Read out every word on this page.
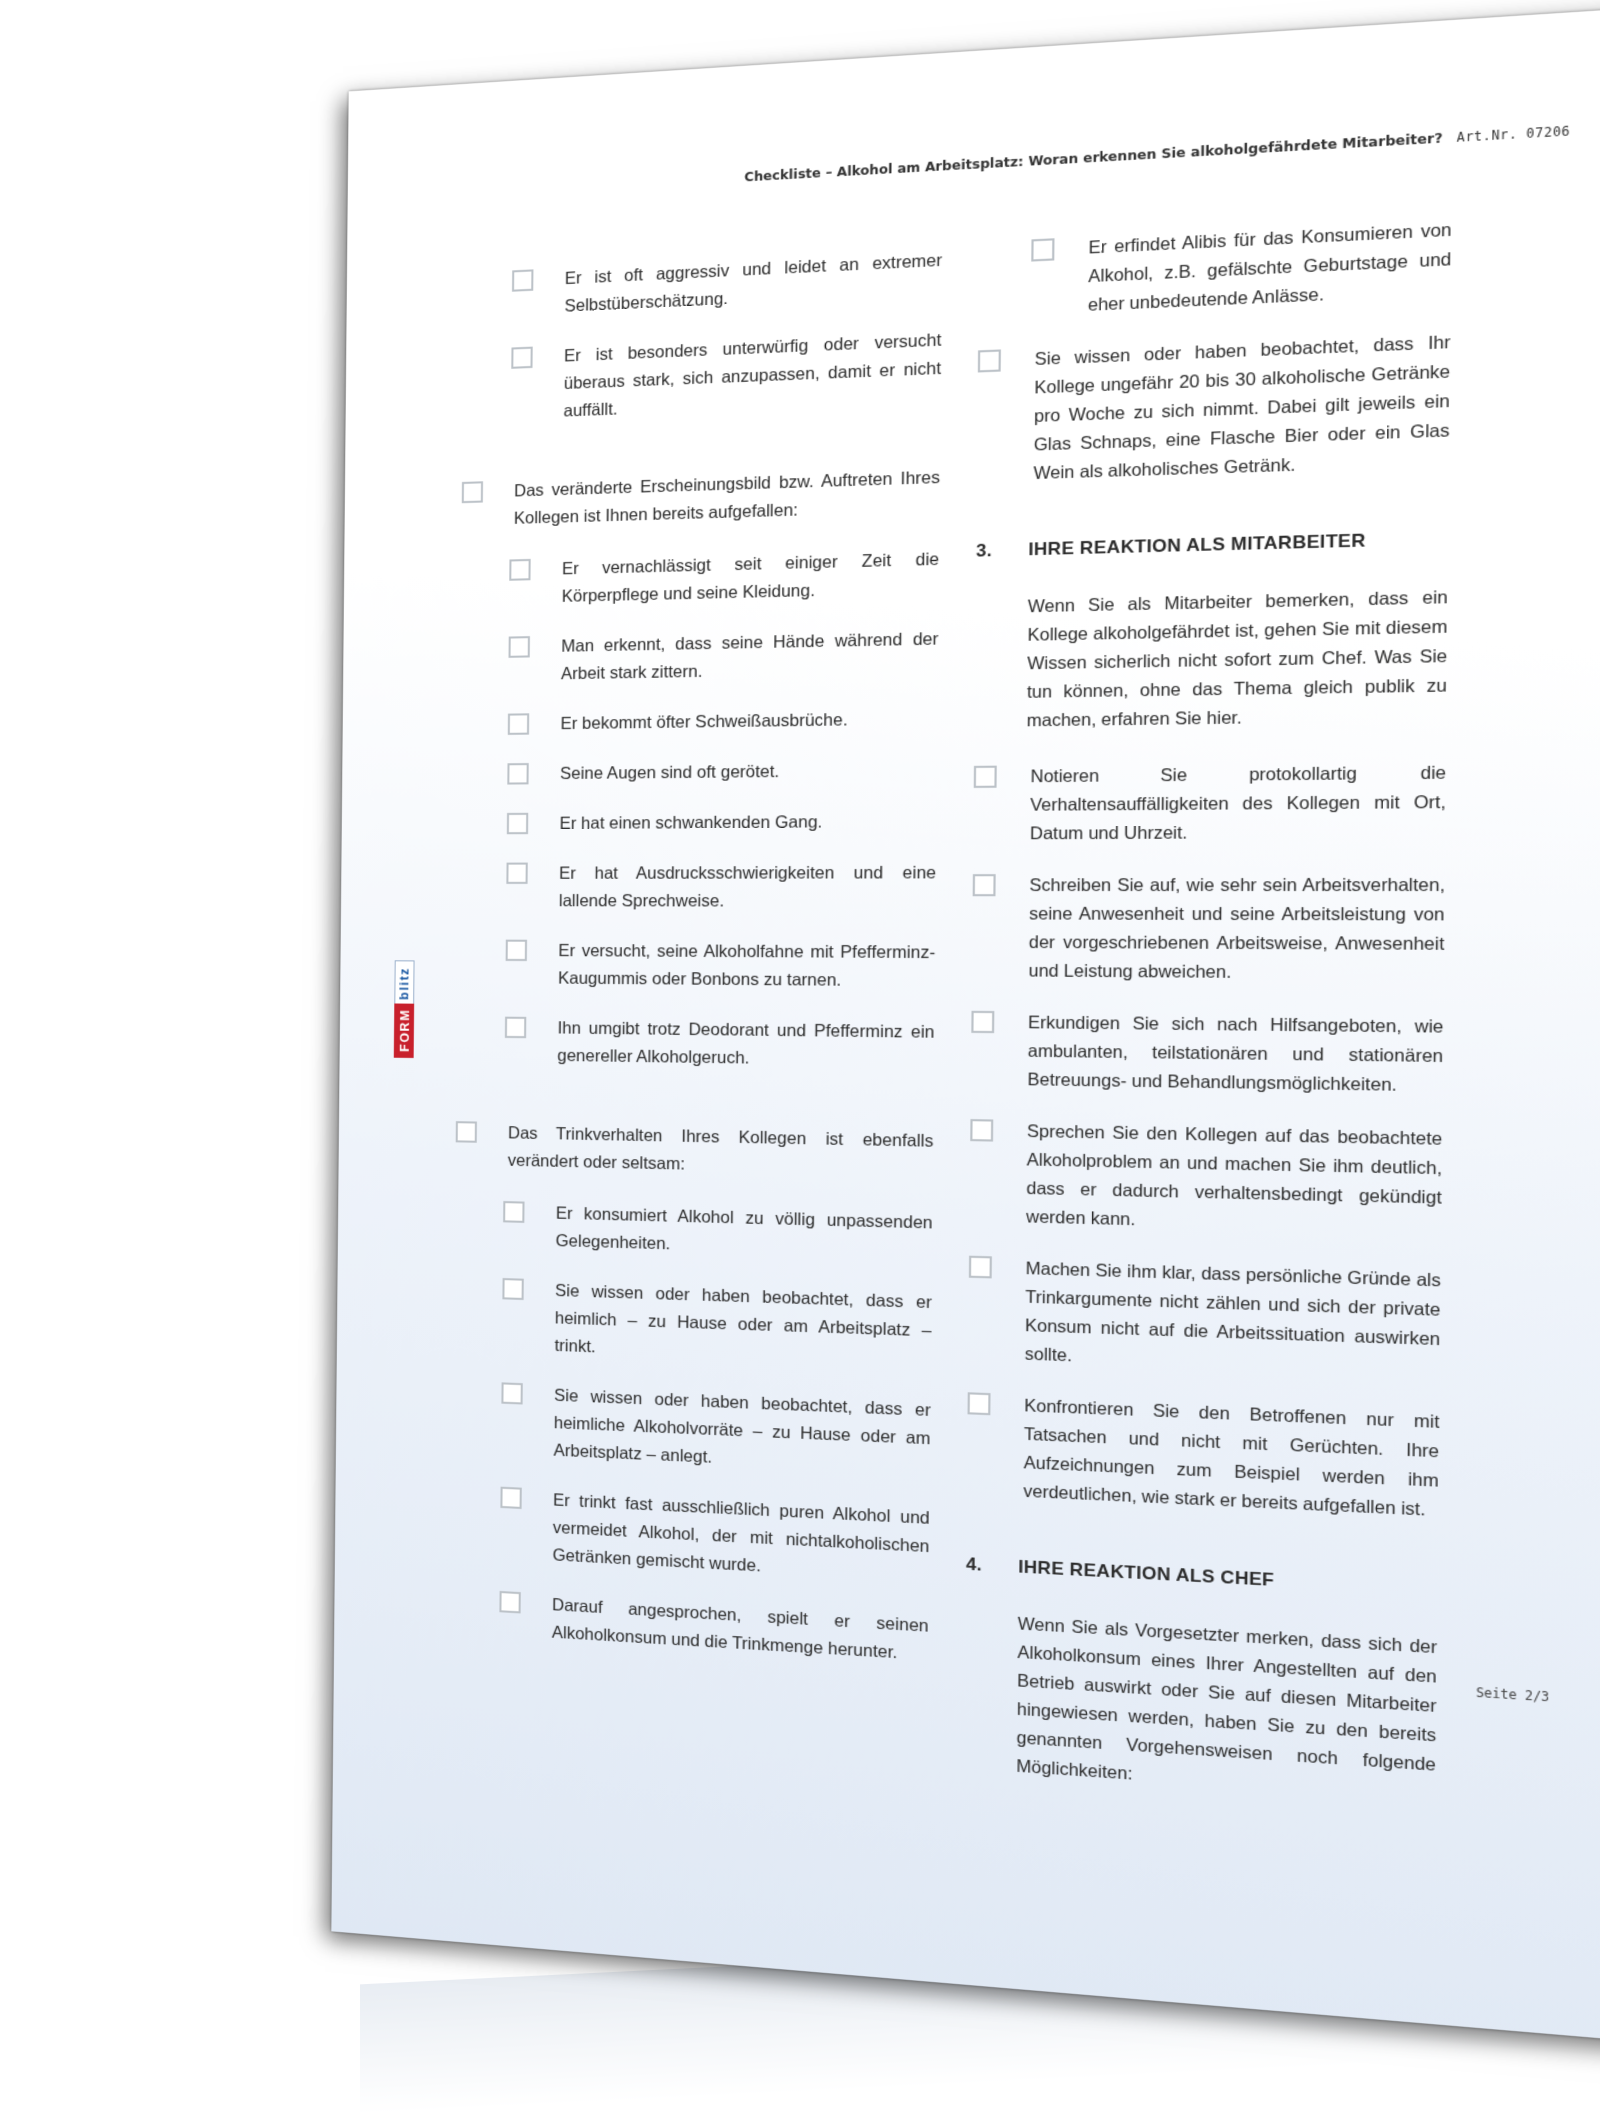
Checkliste – Alkohol am Arbeitsplatz: Woran erkennen Sie alkoholgefährdete Mitarbeiter? Art.Nr. 07206
FORM
blitz
Er ist oft aggressiv und leidet an extremer Selbstüberschätzung.
Er ist besonders unterwürfig oder versucht überaus stark, sich anzupassen, damit er nicht auffällt.
Das veränderte Erscheinungsbild bzw. Auftreten Ihres Kollegen ist Ihnen bereits aufgefallen:
Er vernachlässigt seit einiger Zeit die Körperpflege und seine Kleidung.
Man erkennt, dass seine Hände während der Arbeit stark zittern.
Er bekommt öfter Schweißausbrüche.
Seine Augen sind oft gerötet.
Er hat einen schwankenden Gang.
Er hat Ausdrucksschwierigkeiten und eine lallende Sprechweise.
Er versucht, seine Alkoholfahne mit Pfefferminz-Kaugummis oder Bonbons zu tarnen.
Ihn umgibt trotz Deodorant und Pfefferminz ein genereller Alkoholgeruch.
Das Trinkverhalten Ihres Kollegen ist ebenfalls verändert oder seltsam:
Er konsumiert Alkohol zu völlig unpassenden Gelegenheiten.
Sie wissen oder haben beobachtet, dass er heimlich – zu Hause oder am Arbeitsplatz – trinkt.
Sie wissen oder haben beobachtet, dass er heimliche Alkoholvorräte – zu Hause oder am Arbeitsplatz – anlegt.
Er trinkt fast ausschließlich puren Alkohol und vermeidet Alkohol, der mit nichtalkoholischen Getränken gemischt wurde.
Darauf angesprochen, spielt er seinen Alkoholkonsum und die Trinkmenge herunter.
Er erfindet Alibis für das Konsumieren von Alkohol, z.B. gefälschte Geburtstage und eher unbedeutende Anlässe.
Sie wissen oder haben beobachtet, dass Ihr Kollege ungefähr 20 bis 30 alkoholische Getränke pro Woche zu sich nimmt. Dabei gilt jeweils ein Glas Schnaps, eine Flasche Bier oder ein Glas Wein als alkoholisches Getränk.
3. IHRE REAKTION ALS MITARBEITER
Wenn Sie als Mitarbeiter bemerken, dass ein Kollege alkoholgefährdet ist, gehen Sie mit diesem Wissen sicherlich nicht sofort zum Chef. Was Sie tun können, ohne das Thema gleich publik zu machen, erfahren Sie hier.
Notieren Sie protokollartig die Verhaltensauffälligkeiten des Kollegen mit Ort, Datum und Uhrzeit.
Schreiben Sie auf, wie sehr sein Arbeitsverhalten, seine Anwesenheit und seine Arbeitsleistung von der vorgeschriebenen Arbeitsweise, Anwesenheit und Leistung abweichen.
Erkundigen Sie sich nach Hilfsangeboten, wie ambulanten, teilstationären und stationären Betreuungs- und Behandlungsmöglichkeiten.
Sprechen Sie den Kollegen auf das beobachtete Alkoholproblem an und machen Sie ihm deutlich, dass er dadurch verhaltensbedingt gekündigt werden kann.
Machen Sie ihm klar, dass persönliche Gründe als Trinkargumente nicht zählen und sich der private Konsum nicht auf die Arbeitssituation auswirken sollte.
Konfrontieren Sie den Betroffenen nur mit Tatsachen und nicht mit Gerüchten. Ihre Aufzeichnungen zum Beispiel werden ihm verdeutlichen, wie stark er bereits aufgefallen ist.
4. IHRE REAKTION ALS CHEF
Wenn Sie als Vorgesetzter merken, dass sich der Alkoholkonsum eines Ihrer Angestellten auf den Betrieb auswirkt oder Sie auf diesen Mitarbeiter hingewiesen werden, haben Sie zu den bereits genannten Vorgehensweisen noch folgende Möglichkeiten:
Seite 2/3
